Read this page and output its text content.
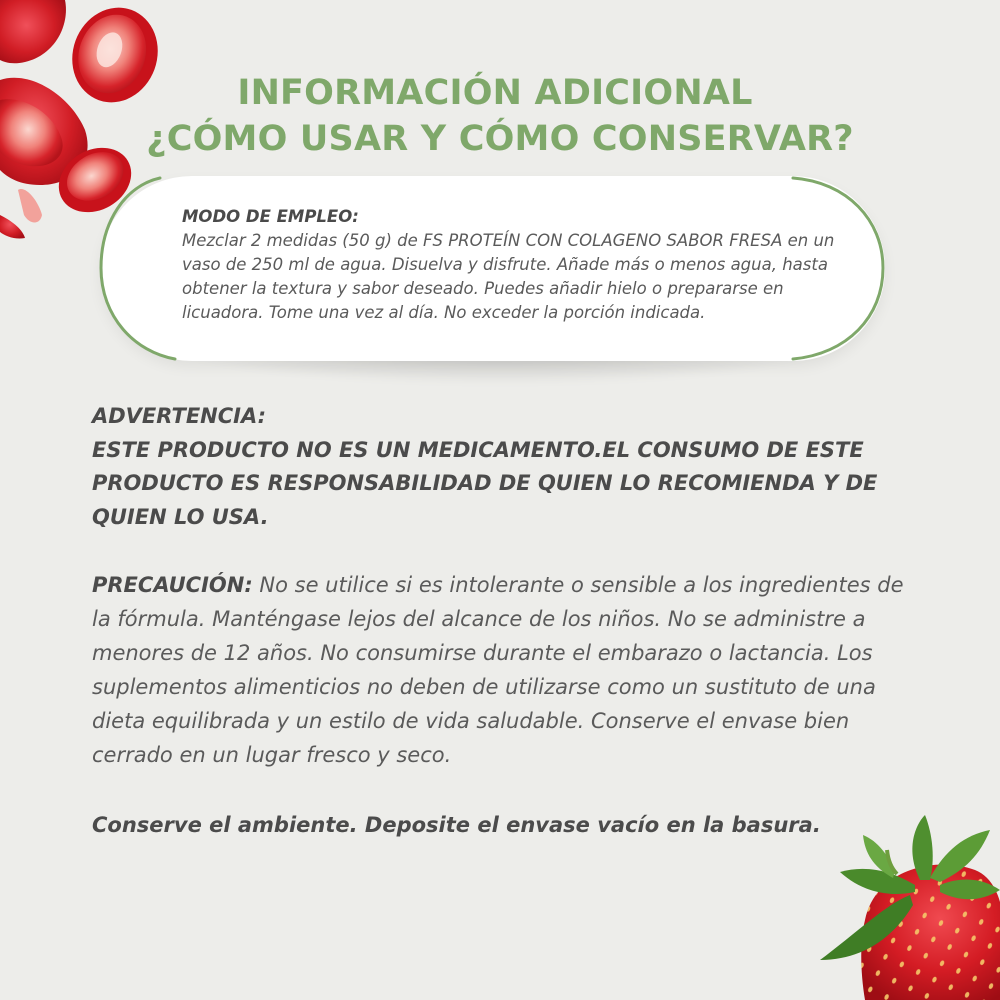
INFORMACIÓN ADICIONAL
¿CÓMO USAR Y CÓMO CONSERVAR?
MODO DE EMPLEO:
Mezclar 2 medidas (50 g) de FS PROTEÍN CON COLAGENO SABOR FRESA en un vaso de 250 ml de agua. Disuelva y disfrute. Añade más o menos agua, hasta obtener la textura y sabor deseado. Puedes añadir hielo o prepararse en licuadora. Tome una vez al día. No exceder la porción indicada.
ADVERTENCIA:
ESTE PRODUCTO NO ES UN MEDICAMENTO.EL CONSUMO DE ESTE PRODUCTO ES RESPONSABILIDAD DE QUIEN LO RECOMIENDA Y DE QUIEN LO USA.
PRECAUCIÓN: No se utilice si es intolerante o sensible a los ingredientes de la fórmula. Manténgase lejos del alcance de los niños. No se administre a menores de 12 años. No consumirse durante el embarazo o lactancia. Los suplementos alimenticios no deben de utilizarse como un sustituto de una dieta equilibrada y un estilo de vida saludable. Conserve el envase bien cerrado en un lugar fresco y seco.
Conserve el ambiente. Deposite el envase vacío en la basura.
